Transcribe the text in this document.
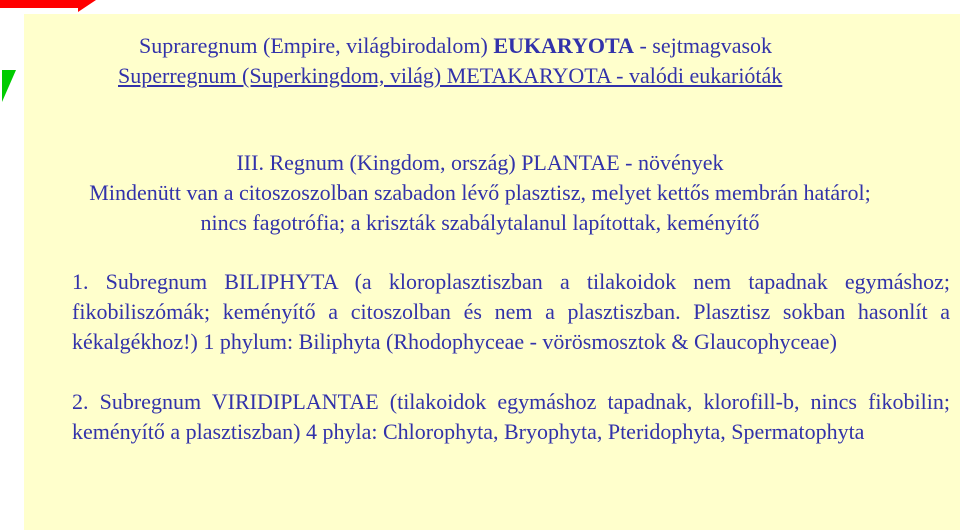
Supraregnum (Empire, világbirodalom) EUKARYOTA - sejtmagvasok
Superregnum (Superkingdom, világ) METAKARYOTA - valódi eukarióták
III. Regnum (Kingdom, ország) PLANTAE - növények
Mindenütt van a citoszoszolban szabadon lévő plasztisz, melyet kettős membrán határol;
nincs fagotrófia; a kriszták szabálytalanul lapítottak, keményítő
1. Subregnum BILIPHYTA (a kloroplasztiszban a tilakoidok nem tapadnak egymáshoz; fikobiliszómák; keményítő a citoszolban és nem a plasztiszban. Plasztisz sokban hasonlít a kékalgékhoz!) 1 phylum: Biliphyta (Rhodophyceae - vörösmosztok & Glaucophyceae)
2. Subregnum VIRIDIPLANTAE (tilakoidok egymáshoz tapadnak, klorofill-b, nincs fikobilin; keményítő a plasztiszban) 4 phyla: Chlorophyta, Bryophyta, Pteridophyta, Spermatophyta
